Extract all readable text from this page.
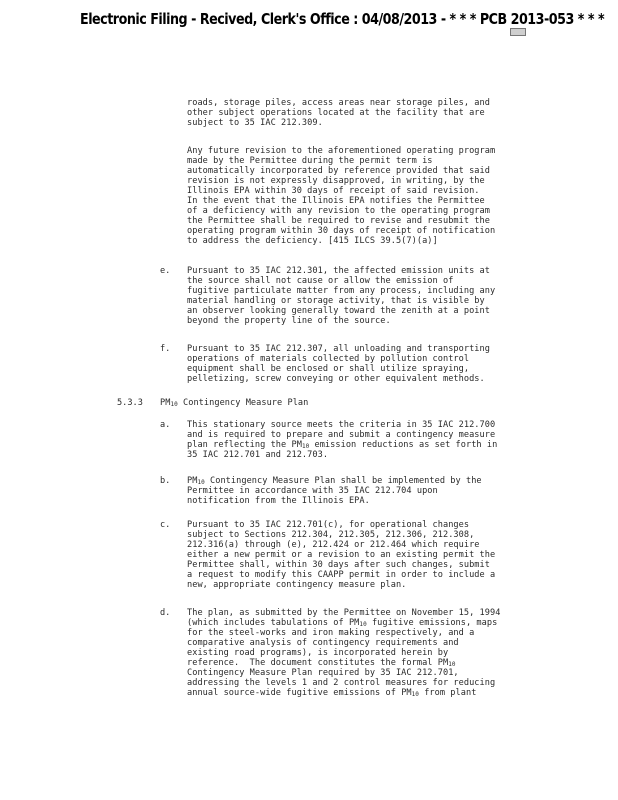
Electronic Filing - Recived, Clerk's Office : 04/08/2013 - * * * PCB 2013-053 * * *
roads, storage piles, access areas near storage piles, and
other subject operations located at the facility that are
subject to 35 IAC 212.309.
Any future revision to the aforementioned operating program
made by the Permittee during the permit term is
automatically incorporated by reference provided that said
revision is not expressly disapproved, in writing, by the
Illinois EPA within 30 days of receipt of said revision.
In the event that the Illinois EPA notifies the Permittee
of a deficiency with any revision to the operating program
the Permittee shall be required to revise and resubmit the
operating program within 30 days of receipt of notification
to address the deficiency. [415 ILCS 39.5(7)(a)]
e. Pursuant to 35 IAC 212.301, the affected emission units at
the source shall not cause or allow the emission of
fugitive particulate matter from any process, including any
material handling or storage activity, that is visible by
an observer looking generally toward the zenith at a point
beyond the property line of the source.
f. Pursuant to 35 IAC 212.307, all unloading and transporting
operations of materials collected by pollution control
equipment shall be enclosed or shall utilize spraying,
pelletizing, screw conveying or other equivalent methods.
a. This stationary source meets the criteria in 35 IAC 212.700
and is required to prepare and submit a contingency measure
plan reflecting the $PM_{10}$ emission reductions as set forth in
35 IAC 212.701 and 212.703.
b. $PM_{10}$ Contingency Measure Plan shall be implemented by the
Permittee in accordance with 35 IAC 212.704 upon
notification from the Illinois EPA.
c. Pursuant to 35 IAC 212.701(c), for operational changes
subject to Sections 212.304, 212.305, 212.306, 212.308,
212.316(a) through (e), 212.424 or 212.464 which require
either a new permit or a revision to an existing permit the
Permittee shall, within 30 days after such changes, submit
a request to modify this CAAPP permit in order to include a
new, appropriate contingency measure plan.
d. The plan, as submitted by the Permittee on November 15, 1994
(which includes tabulations of $PM_{10}$ fugitive emissions, maps
for the steel-works and iron making respectively, and a
comparative analysis of contingency requirements and
existing road programs), is incorporated herein by
reference.  The document constitutes the formal $PM_{10}$
Contingency Measure Plan required by 35 IAC 212.701,
addressing the levels 1 and 2 control measures for reducing
annual source-wide fugitive emissions of $PM_{10}$ from plant
5.3.3 $PM_{10}$ Contingency Measure Plan
